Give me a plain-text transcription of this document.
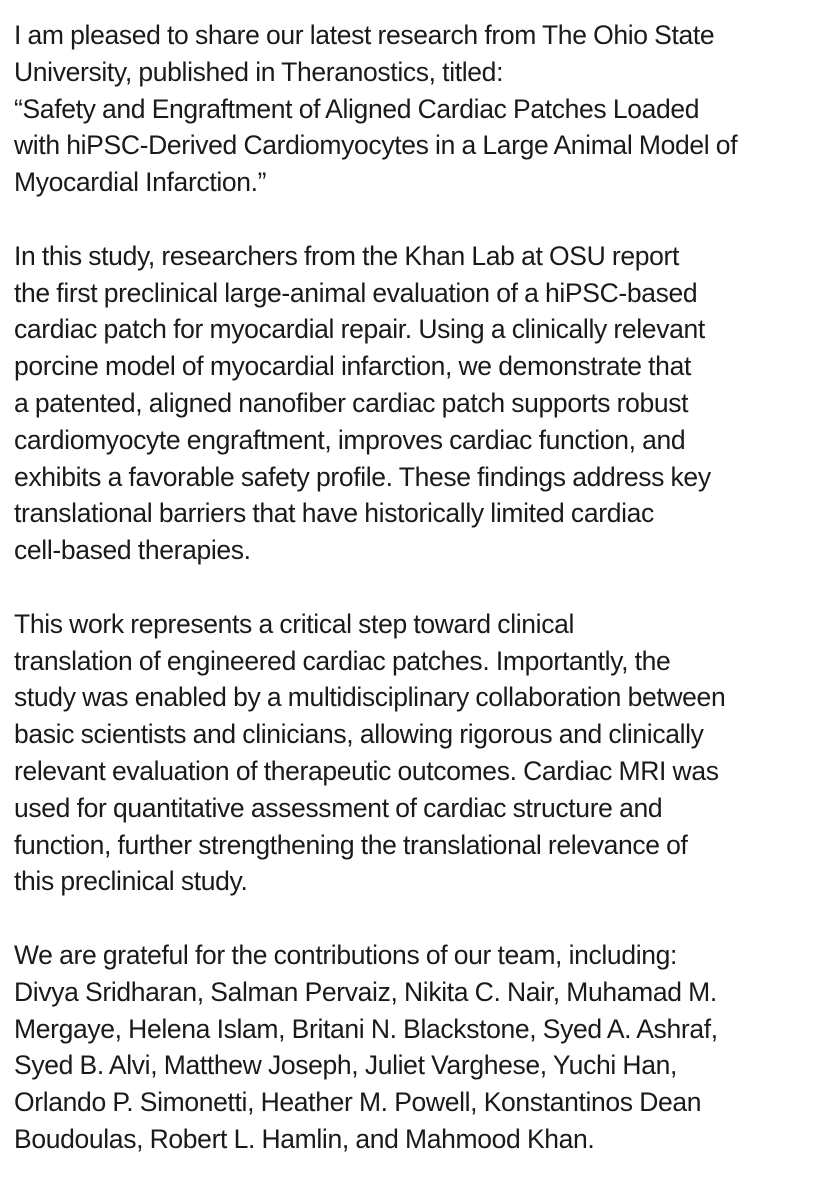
I am pleased to share our latest research from The Ohio State
University, published in Theranostics, titled:
“Safety and Engraftment of Aligned Cardiac Patches Loaded
with hiPSC-Derived Cardiomyocytes in a Large Animal Model of
Myocardial Infarction.”

In this study, researchers from the Khan Lab at OSU report
the first preclinical large-animal evaluation of a hiPSC-based
cardiac patch for myocardial repair. Using a clinically relevant
porcine model of myocardial infarction, we demonstrate that
a patented, aligned nanofiber cardiac patch supports robust
cardiomyocyte engraftment, improves cardiac function, and
exhibits a favorable safety profile. These findings address key
translational barriers that have historically limited cardiac
cell-based therapies.

This work represents a critical step toward clinical
translation of engineered cardiac patches. Importantly, the
study was enabled by a multidisciplinary collaboration between
basic scientists and clinicians, allowing rigorous and clinically
relevant evaluation of therapeutic outcomes. Cardiac MRI was
used for quantitative assessment of cardiac structure and
function, further strengthening the translational relevance of
this preclinical study.

We are grateful for the contributions of our team, including:
Divya Sridharan, Salman Pervaiz, Nikita C. Nair, Muhamad M.
Mergaye, Helena Islam, Britani N. Blackstone, Syed A. Ashraf,
Syed B. Alvi, Matthew Joseph, Juliet Varghese, Yuchi Han,
Orlando P. Simonetti, Heather M. Powell, Konstantinos Dean
Boudoulas, Robert L. Hamlin, and Mahmood Khan.
